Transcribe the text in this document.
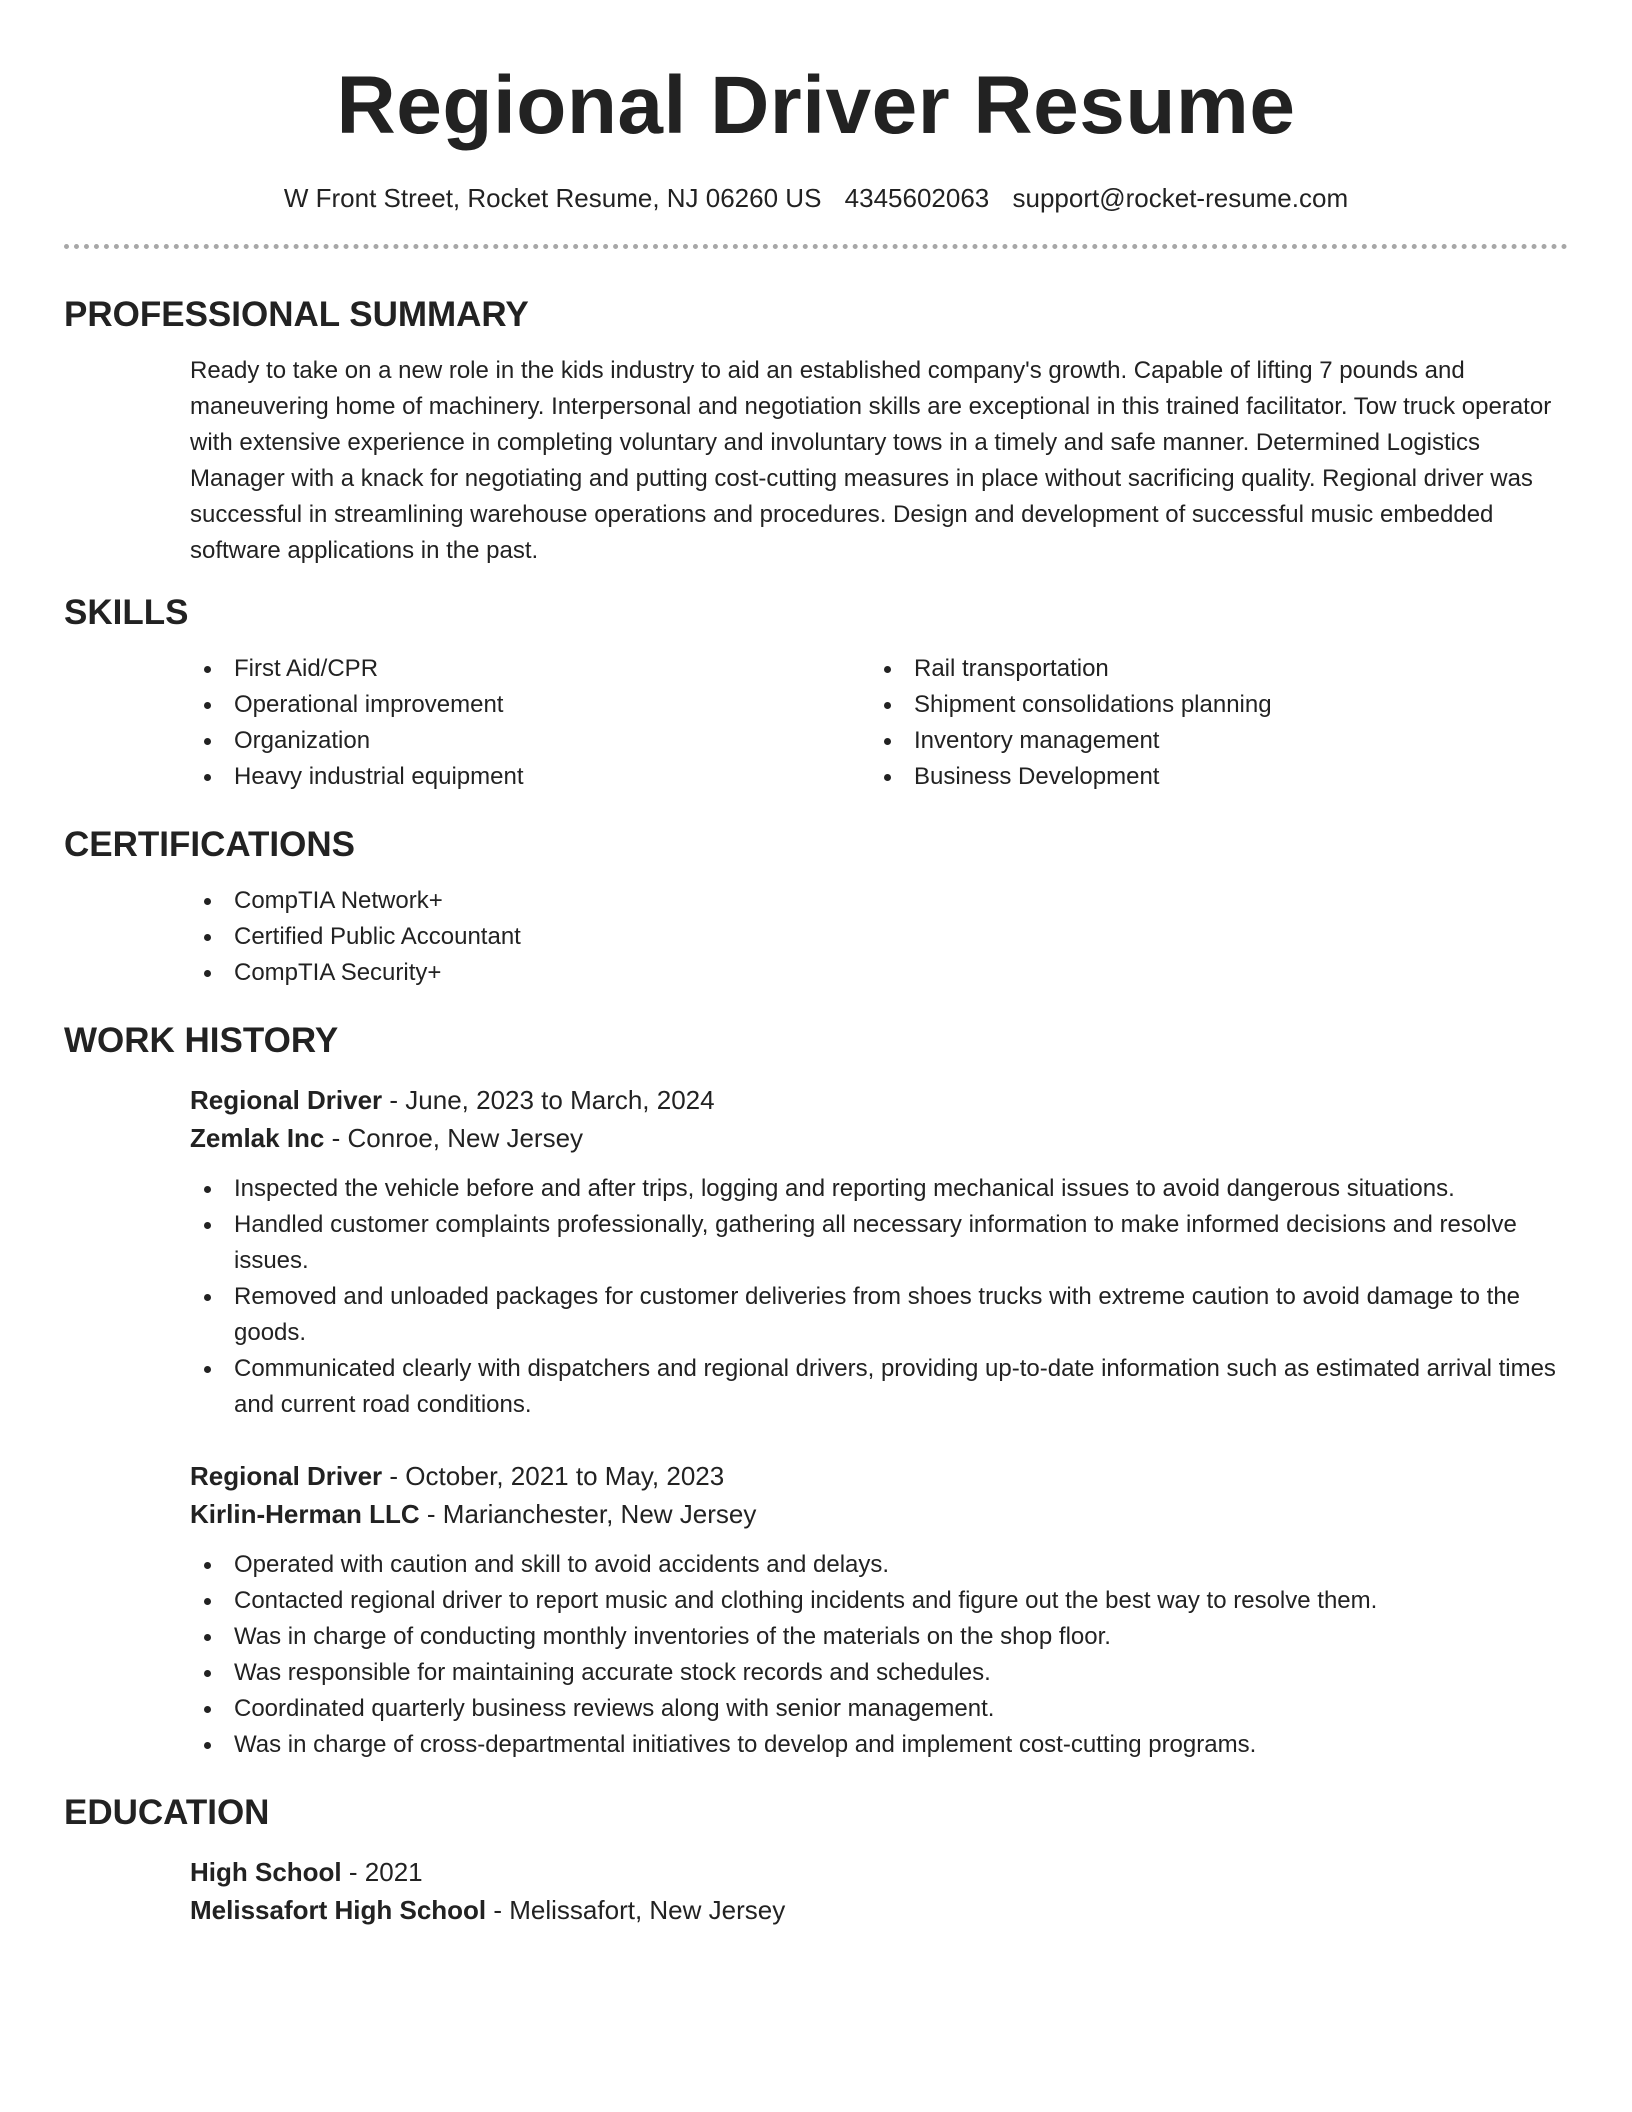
Regional Driver Resume
W Front Street, Rocket Resume, NJ 06260 US 4345602063 support@rocket-resume.com
PROFESSIONAL SUMMARY

Ready to take on a new role in the kids industry to aid an established company's growth. Capable of lifting 7 pounds and maneuvering home of machinery. Interpersonal and negotiation skills are exceptional in this trained facilitator. Tow truck operator with extensive experience in completing voluntary and involuntary tows in a timely and safe manner. Determined Logistics Manager with a knack for negotiating and putting cost-cutting measures in place without sacrificing quality. Regional driver was successful in streamlining warehouse operations and procedures. Design and development of successful music embedded software applications in the past.

SKILLS
First Aid/CPR
Operational improvement
Organization
Heavy industrial equipment
Rail transportation
Shipment consolidations planning
Inventory management
Business Development
CERTIFICATIONS
CompTIA Network+
Certified Public Accountant
CompTIA Security+
WORK HISTORY
Regional Driver - June, 2023 to March, 2024
Zemlak Inc - Conroe, New Jersey
Inspected the vehicle before and after trips, logging and reporting mechanical issues to avoid dangerous situations.
Handled customer complaints professionally, gathering all necessary information to make informed decisions and resolve issues.
Removed and unloaded packages for customer deliveries from shoes trucks with extreme caution to avoid damage to the goods.
Communicated clearly with dispatchers and regional drivers, providing up-to-date information such as estimated arrival times and current road conditions.
Regional Driver - October, 2021 to May, 2023
Kirlin-Herman LLC - Marianchester, New Jersey
Operated with caution and skill to avoid accidents and delays.
Contacted regional driver to report music and clothing incidents and figure out the best way to resolve them.
Was in charge of conducting monthly inventories of the materials on the shop floor.
Was responsible for maintaining accurate stock records and schedules.
Coordinated quarterly business reviews along with senior management.
Was in charge of cross-departmental initiatives to develop and implement cost-cutting programs.
EDUCATION
High School - 2021
Melissafort High School - Melissafort, New Jersey
